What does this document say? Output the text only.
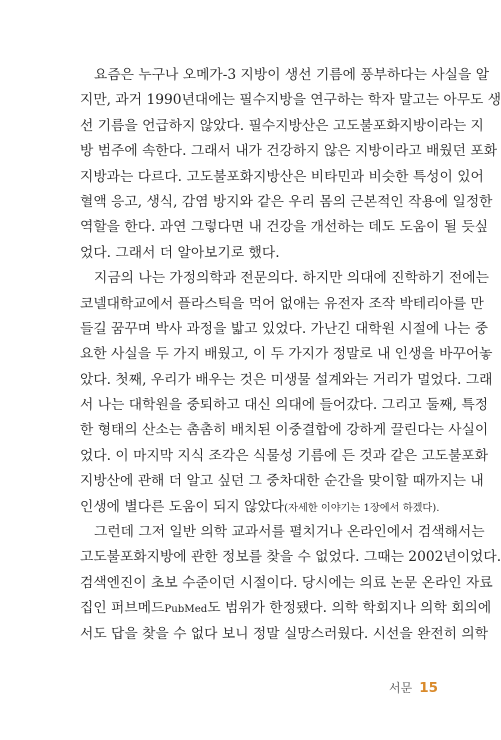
요즘은 누구나 오메가-3 지방이 생선 기름에 풍부하다는 사실을 알
지만, 과거 1990년대에는 필수지방을 연구하는 학자 말고는 아무도 생
선 기름을 언급하지 않았다. 필수지방산은 고도불포화지방이라는 지
방 범주에 속한다. 그래서 내가 건강하지 않은 지방이라고 배웠던 포화
지방과는 다르다. 고도불포화지방산은 비타민과 비슷한 특성이 있어
혈액 응고, 생식, 감염 방지와 같은 우리 몸의 근본적인 작용에 일정한
역할을 한다. 과연 그렇다면 내 건강을 개선하는 데도 도움이 될 듯싶
었다. 그래서 더 알아보기로 했다.
지금의 나는 가정의학과 전문의다. 하지만 의대에 진학하기 전에는
코넬대학교에서 플라스틱을 먹어 없애는 유전자 조작 박테리아를 만
들길 꿈꾸며 박사 과정을 밟고 있었다. 가난긴 대학원 시절에 나는 중
요한 사실을 두 가지 배웠고, 이 두 가지가 정말로 내 인생을 바꾸어놓
았다. 첫째, 우리가 배우는 것은 미생물 설계와는 거리가 멀었다. 그래
서 나는 대학원을 중퇴하고 대신 의대에 들어갔다. 그리고 둘째, 특정
한 형태의 산소는 촘촘히 배치된 이중결합에 강하게 끌린다는 사실이
었다. 이 마지막 지식 조각은 식물성 기름에 든 것과 같은 고도불포화
지방산에 관해 더 알고 싶던 그 중차대한 순간을 맞이할 때까지는 내
인생에 별다른 도움이 되지 않았다(자세한 이야기는 1장에서 하겠다).
그런데 그저 일반 의학 교과서를 펼치거나 온라인에서 검색해서는
고도불포화지방에 관한 정보를 찾을 수 없었다. 그때는 2002년이었다.
검색엔진이 초보 수준이던 시절이다. 당시에는 의료 논문 온라인 자료
집인 퍼브메드PubMed도 범위가 한정됐다. 의학 학회지나 의학 회의에
서도 답을 찾을 수 없다 보니 정말 실망스러웠다. 시선을 완전히 의학
서문 15
